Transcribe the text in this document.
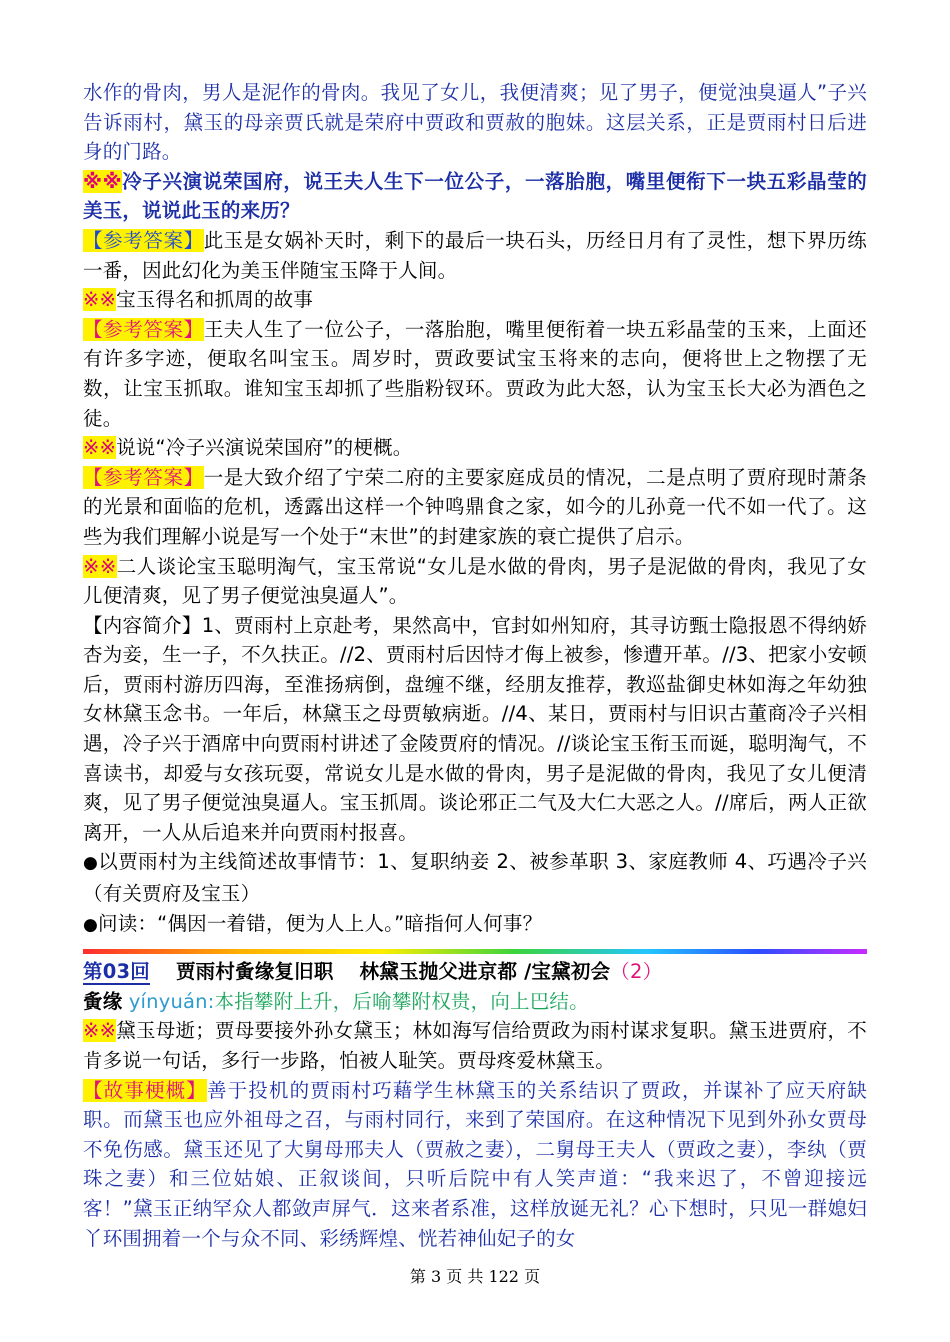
水作的骨肉，男人是泥作的骨肉。我见了女儿，我便清爽；见了男子，便觉浊臭逼人”子兴告诉雨村，黛玉的母亲贾氏就是荣府中贾政和贾赦的胞妹。这层关系，正是贾雨村日后进身的门路。

※※冷子兴演说荣国府，说王夫人生下一位公子，一落胎胞，嘴里便衔下一块五彩晶莹的美玉，说说此玉的来历？

【参考答案】此玉是女娲补天时，剩下的最后一块石头，历经日月有了灵性，想下界历练一番，因此幻化为美玉伴随宝玉降于人间。

※※宝玉得名和抓周的故事

【参考答案】王夫人生了一位公子，一落胎胞，嘴里便衔着一块五彩晶莹的玉来，上面还有许多字迹，便取名叫宝玉。周岁时，贾政要试宝玉将来的志向，便将世上之物摆了无数，让宝玉抓取。谁知宝玉却抓了些脂粉钗环。贾政为此大怒，认为宝玉长大必为酒色之徒。

※※说说“冷子兴演说荣国府”的梗概。

【参考答案】一是大致介绍了宁荣二府的主要家庭成员的情况，二是点明了贾府现时萧条的光景和面临的危机，透露出这样一个钟鸣鼎食之家，如今的儿孙竟一代不如一代了。这些为我们理解小说是写一个处于“末世”的封建家族的衰亡提供了启示。

※※二人谈论宝玉聪明淘气，宝玉常说“女儿是水做的骨肉，男子是泥做的骨肉，我见了女儿便清爽，见了男子便觉浊臭逼人”。

【内容简介】1、贾雨村上京赴考，果然高中，官封如州知府，其寻访甄士隐报恩不得纳娇杏为妾，生一子，不久扶正。//2、贾雨村后因恃才侮上被参，惨遭开革。//3、把家小安顿后，贾雨村游历四海，至淮扬病倒，盘缠不继，经朋友推荐，教巡盐御史林如海之年幼独女林黛玉念书。一年后，林黛玉之母贾敏病逝。//4、某日，贾雨村与旧识古董商冷子兴相遇，冷子兴于酒席中向贾雨村讲述了金陵贾府的情况。//谈论宝玉衔玉而诞，聪明淘气，不喜读书，却爱与女孩玩耍，常说女儿是水做的骨肉，男子是泥做的骨肉，我见了女儿便清爽，见了男子便觉浊臭逼人。宝玉抓周。谈论邪正二气及大仁大恶之人。//席后，两人正欲离开，一人从后追来并向贾雨村报喜。

●以贾雨村为主线简述故事情节：1、复职纳妾 2、被参革职 3、家庭教师 4、巧遇冷子兴（有关贾府及宝玉）

●问读：“偶因一着错，便为人上人。”暗指何人何事？

第03回 贾雨村夤缘复旧职 林黛玉抛父进京都 /宝黛初会（2）

夤缘 yínyuán:本指攀附上升，后喻攀附权贵，向上巴结。

※※黛玉母逝；贾母要接外孙女黛玉；林如海写信给贾政为雨村谋求复职。黛玉进贾府，不肯多说一句话，多行一步路，怕被人耻笑。贾母疼爱林黛玉。

【故事梗概】善于投机的贾雨村巧藉学生林黛玉的关系结识了贾政，并谋补了应天府缺职。而黛玉也应外祖母之召，与雨村同行，来到了荣国府。在这种情况下见到外孙女贾母不免伤感。黛玉还见了大舅母邢夫人（贾赦之妻），二舅母王夫人（贾政之妻），李纨（贾珠之妻）和三位姑娘、正叙谈间，只听后院中有人笑声道：“我来迟了，不曾迎接远客！”黛玉正纳罕众人都敛声屏气．这来者系准，这样放诞无礼？心下想时，只见一群媳妇丫环围拥着一个与众不同、彩绣辉煌、恍若神仙妃子的女

第 3 页 共 122 页
